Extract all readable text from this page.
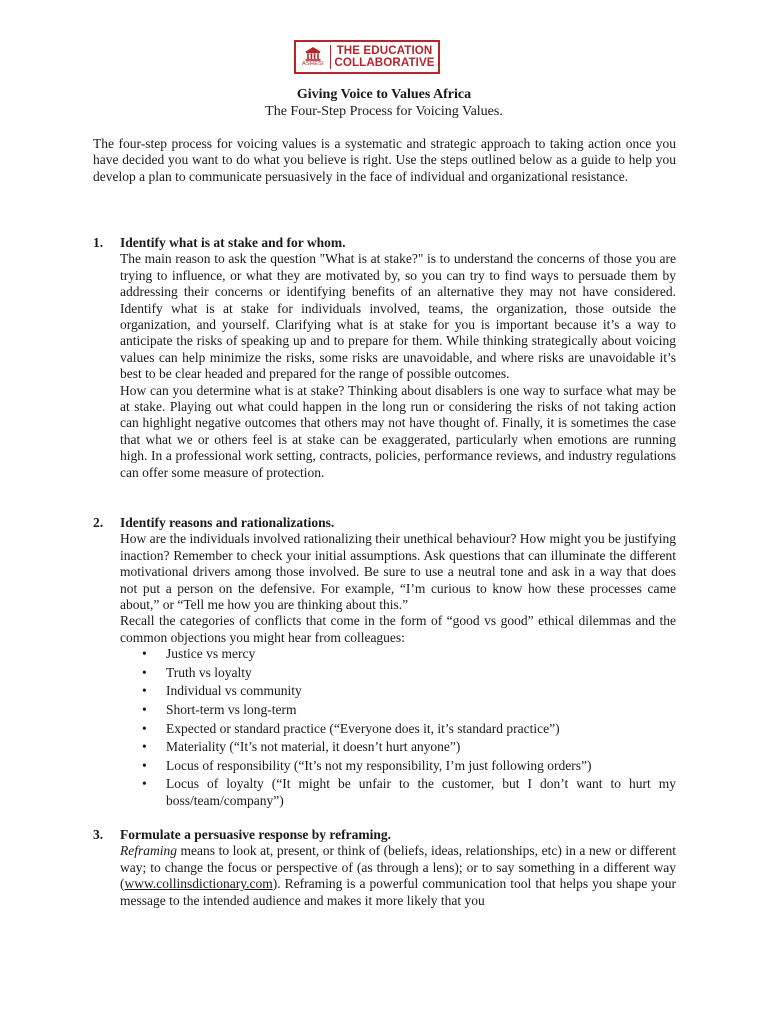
ASHESI
THE EDUCATION
COLLABORATIVE
Giving Voice to Values Africa
The Four-Step Process for Voicing Values.

The four-step process for voicing values is a systematic and strategic approach to taking action once you have decided you want to do what you believe is right. Use the steps outlined below as a guide to help you develop a plan to communicate persuasively in the face of individual and organizational resistance.

1.	Identify what is at stake and for whom.

The main reason to ask the question "What is at stake?" is to understand the concerns of those you are trying to influence, or what they are motivated by, so you can try to find ways to persuade them by addressing their concerns or identifying benefits of an alternative they may not have considered. Identify what is at stake for individuals involved, teams, the organization, those outside the organization, and yourself. Clarifying what is at stake for you is important because it’s a way to anticipate the risks of speaking up and to prepare for them. While thinking strategically about voicing values can help minimize the risks, some risks are unavoidable, and where risks are unavoidable it’s best to be clear headed and prepared for the range of possible outcomes.

How can you determine what is at stake? Thinking about disablers is one way to surface what may be at stake. Playing out what could happen in the long run or considering the risks of not taking action can highlight negative outcomes that others may not have thought of. Finally, it is sometimes the case that what we or others feel is at stake can be exaggerated, particularly when emotions are running high. In a professional work setting, contracts, policies, performance reviews, and industry regulations can offer some measure of protection.

2.	Identify reasons and rationalizations.

How are the individuals involved rationalizing their unethical behaviour? How might you be justifying inaction? Remember to check your initial assumptions. Ask questions that can illuminate the different motivational drivers among those involved. Be sure to use a neutral tone and ask in a way that does not put a person on the defensive. For example, “I’m curious to know how these processes came about,” or “Tell me how you are thinking about this.”

Recall the categories of conflicts that come in the form of “good vs good” ethical dilemmas and the common objections you might hear from colleagues:

• Justice vs mercy
• Truth vs loyalty
• Individual vs community
• Short-term vs long-term
• Expected or standard practice (“Everyone does it, it’s standard practice”)
• Materiality (“It’s not material, it doesn’t hurt anyone”)
• Locus of responsibility (“It’s not my responsibility, I’m just following orders”)
• Locus of loyalty (“It might be unfair to the customer, but I don’t want to hurt my boss/team/company”)
3.	Formulate a persuasive response by reframing.

Reframing means to look at, present, or think of (beliefs, ideas, relationships, etc) in a new or different way; to change the focus or perspective of (as through a lens); or to say something in a different way (www.collinsdictionary.com). Reframing is a powerful communication tool that helps you shape your message to the intended audience and makes it more likely that you
